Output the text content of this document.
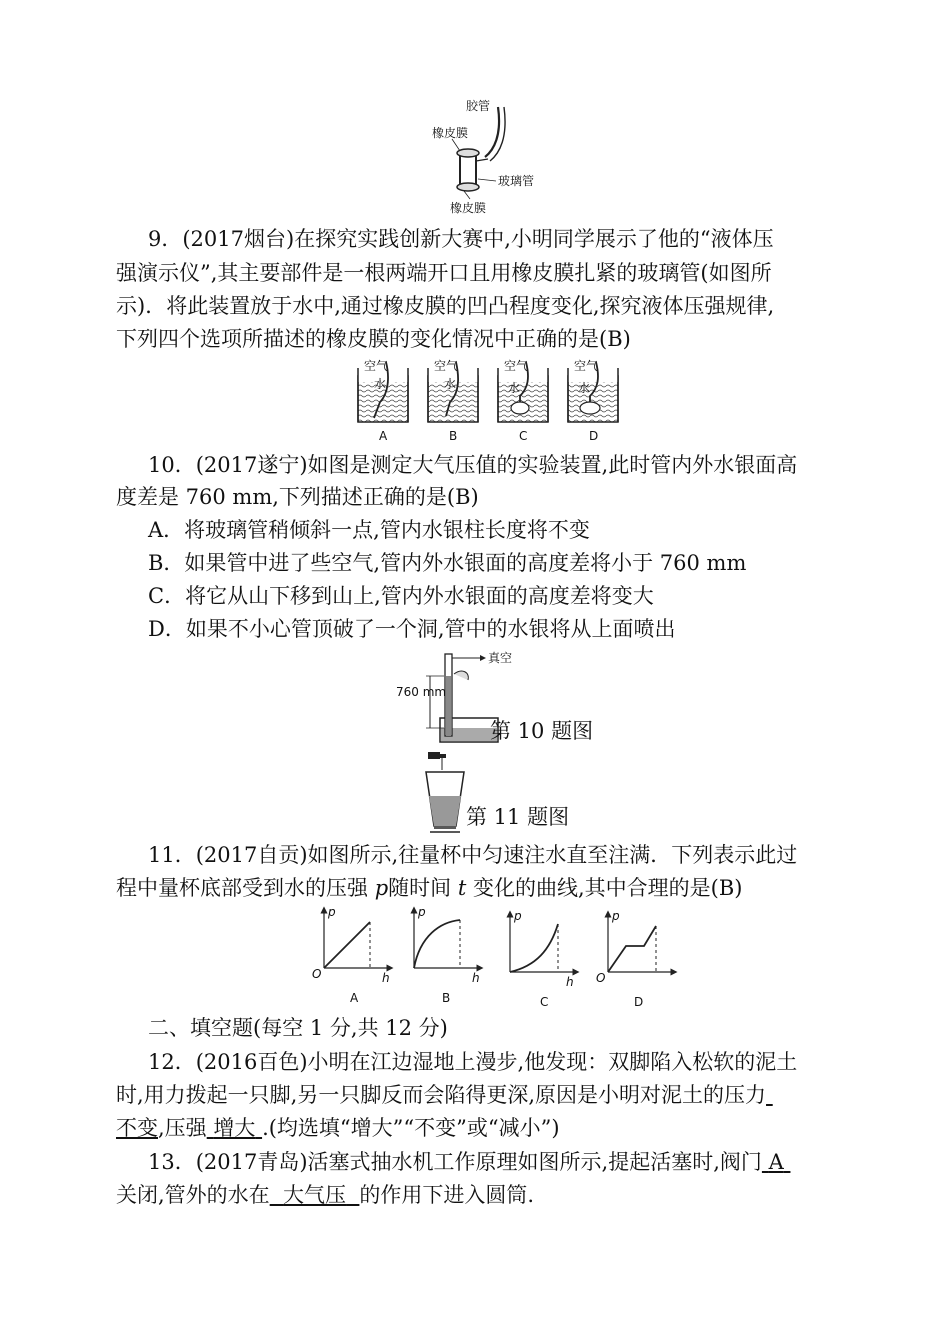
胶管
橡皮膜
玻璃管
橡皮膜
9．(2017烟台)在探究实践创新大赛中,小明同学展示了他的“液体压
强演示仪”,其主要部件是一根两端开口且用橡皮膜扎紧的玻璃管(如图所
示)．将此装置放于水中,通过橡皮膜的凹凸程度变化,探究液体压强规律,
下列四个选项所描述的橡皮膜的变化情况中正确的是(B)
空气
水
A
空气
水
B
空气
水
C
空气
水
D
10．(2017遂宁)如图是测定大气压值的实验装置,此时管内外水银面高
度差是 760 mm,下列描述正确的是(B)
A．将玻璃管稍倾斜一点,管内水银柱长度将不变
B．如果管中进了些空气,管内外水银面的高度差将小于 760 mm
C．将它从山下移到山上,管内外水银面的高度差将变大
D．如果不小心管顶破了一个洞,管中的水银将从上面喷出
真空
760 mm
第 10 题图
第 11 题图
11．(2017自贡)如图所示,往量杯中匀速注水直至注满．下列表示此过
程中量杯底部受到水的压强 p随时间 t 变化的曲线,其中合理的是(B)
p
h
O
A
p
h
B
p
h
C
p
O
D
二、填空题(每空 1 分,共 12 分)
12．(2016百色)小明在江边湿地上漫步,他发现：双脚陷入松软的泥土
时,用力拨起一只脚,另一只脚反而会陷得更深,原因是小明对泥土的压力
不变,压强 增大 .(均选填“增大”“不变”或“减小”)
13．(2017青岛)活塞式抽水机工作原理如图所示,提起活塞时,阀门 A
关闭,管外的水在 大气压 的作用下进入圆筒.
